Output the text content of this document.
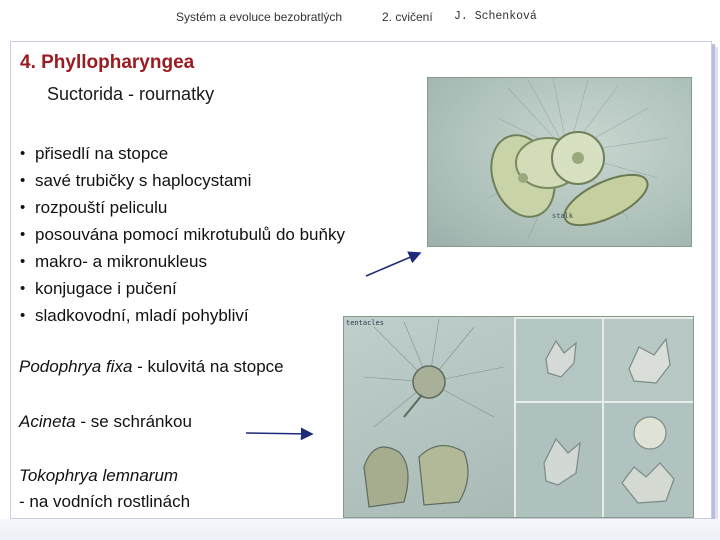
Systém a evoluce bezobratlých	2. cvičení J. Schenková
4. Phyllopharyngea
Suctorida - rournatky
• přisedlí na stopce
• savé trubičky s haplocystami
• rozpouští peliculu
• posouvána pomocí mikrotubulů do buňky
• makro- a mikronukleus
• konjugace i pučení
• sladkovodní, mladí pohybliví
Podophrya fixa - kulovitá na stopce
Acineta - se schránkou
Tokophrya lemnarum
- na vodních rostlinách
stalk
tentacles
